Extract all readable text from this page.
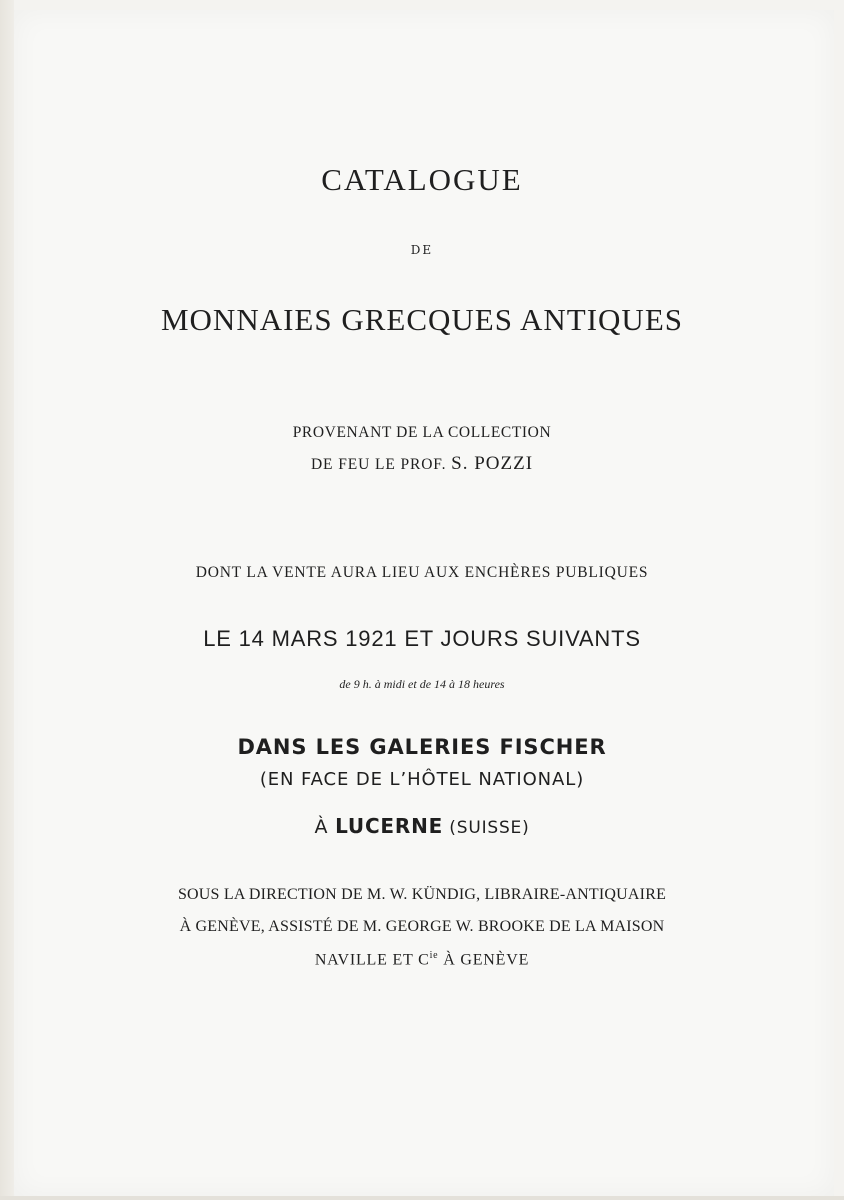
CATALOGUE
DE
MONNAIES GRECQUES ANTIQUES
PROVENANT DE LA COLLECTION
DE FEU LE PROF. S. POZZI
DONT LA VENTE AURA LIEU AUX ENCHÈRES PUBLIQUES
LE 14 MARS 1921 ET JOURS SUIVANTS
de 9 h. à midi et de 14 à 18 heures
DANS LES GALERIES FISCHER
(EN FACE DE L’HÔTEL NATIONAL)
À LUCERNE (SUISSE)
SOUS LA DIRECTION DE M. W. KÜNDIG, LIBRAIRE-ANTIQUAIRE
À GENÈVE, ASSISTÉ DE M. GEORGE W. BROOKE DE LA MAISON
NAVILLE ET $C^{ie}$ À GENÈVE
